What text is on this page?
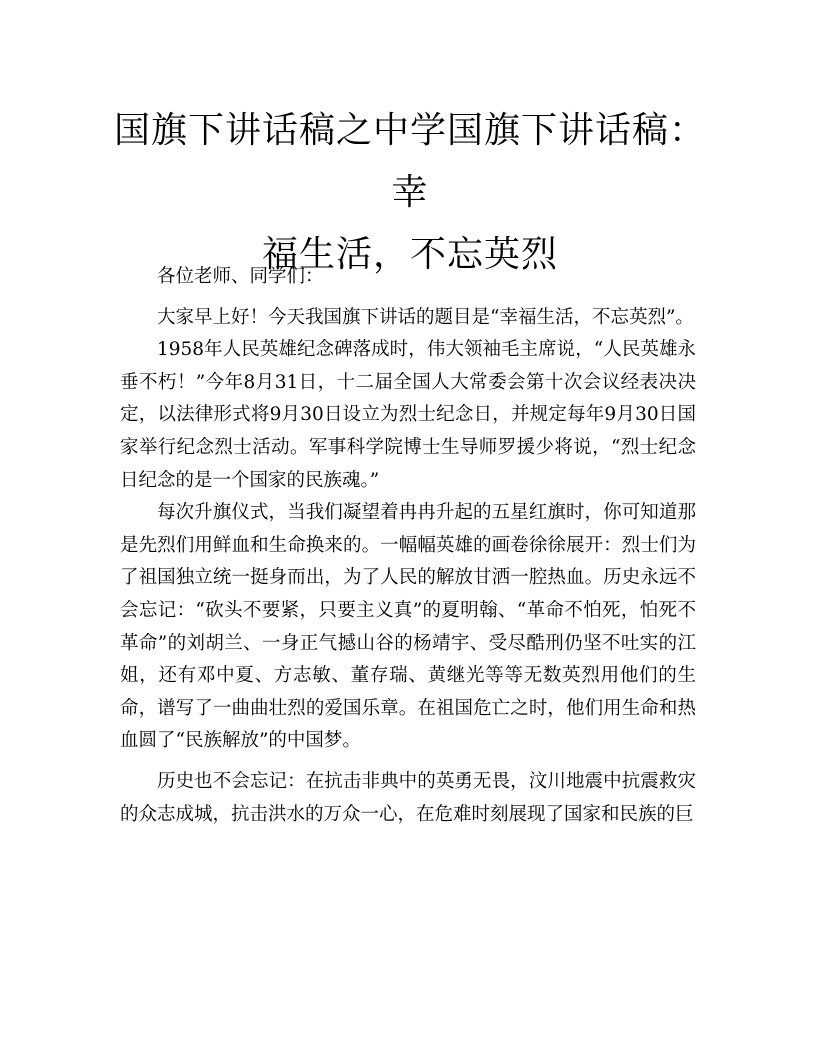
国旗下讲话稿之中学国旗下讲话稿：幸
福生活，不忘英烈

各位老师、同学们：

大家早上好！今天我国旗下讲话的题目是“幸福生活，不忘英烈”。

1958年人民英雄纪念碑落成时，伟大领袖毛主席说，“人民英雄永垂不朽！”今年8月31日，十二届全国人大常委会第十次会议经表决决定，以法律形式将9月30日设立为烈士纪念日，并规定每年9月30日国家举行纪念烈士活动。军事科学院博士生导师罗援少将说，“烈士纪念日纪念的是一个国家的民族魂。”

每次升旗仪式，当我们凝望着冉冉升起的五星红旗时，你可知道那是先烈们用鲜血和生命换来的。一幅幅英雄的画卷徐徐展开：烈士们为了祖国独立统一挺身而出，为了人民的解放甘洒一腔热血。历史永远不会忘记：“砍头不要紧，只要主义真”的夏明翰、“革命不怕死，怕死不革命”的刘胡兰、一身正气撼山谷的杨靖宇、受尽酷刑仍坚不吐实的江姐，还有邓中夏、方志敏、董存瑞、黄继光等等无数英烈用他们的生命，谱写了一曲曲壮烈的爱国乐章。在祖国危亡之时，他们用生命和热血圆了“民族解放”的中国梦。

历史也不会忘记：在抗击非典中的英勇无畏，汶川地震中抗震救灾的众志成城，抗击洪水的万众一心，在危难时刻展现了国家和民族的巨
